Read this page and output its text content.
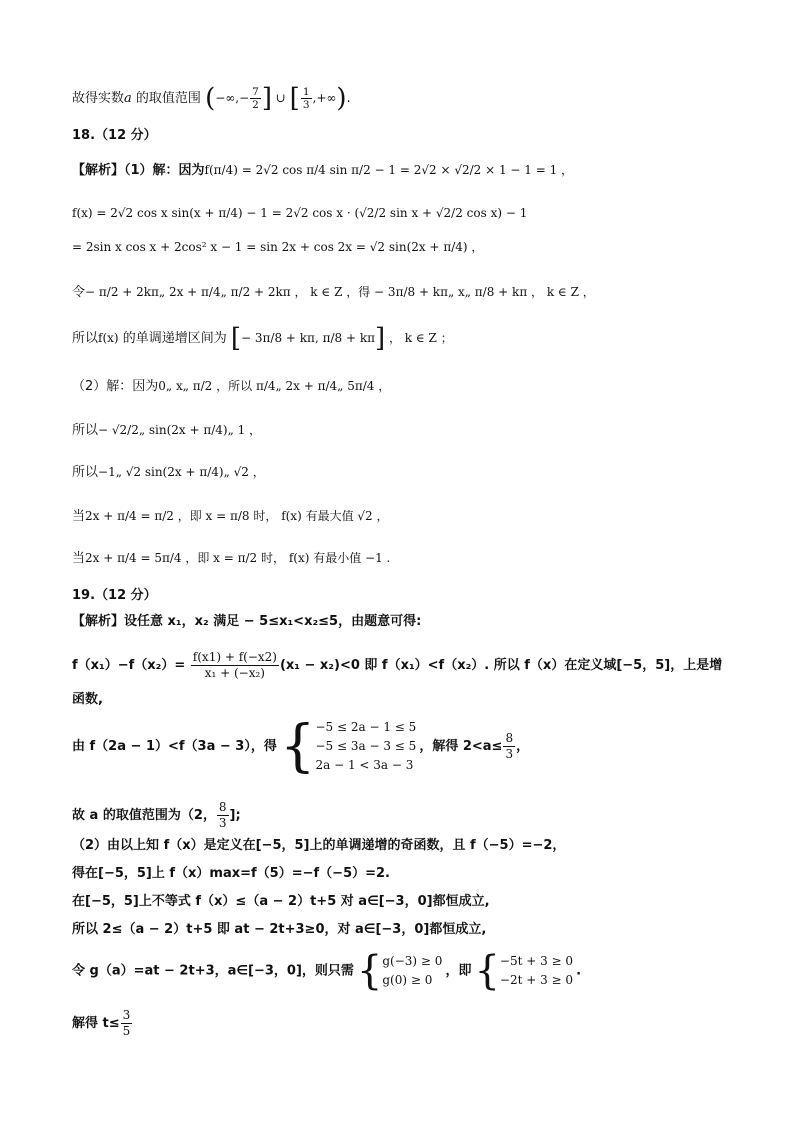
故得实数a 的取值范围 (−∞,− $\frac{7}{2}$ ] ∪ [ $\frac{1}{3}$ ,+∞).
18.（12 分）
【解析】（1）解：因为f(π/4) = 2√2 cos π/4 sin π/2 − 1 = 2√2 × √2/2 × 1 − 1 = 1 ，
f(x) = 2√2 cos x sin(x + π/4) − 1 = 2√2 cos x · (√2/2 sin x + √2/2 cos x) − 1
= 2sin x cos x + 2cos² x − 1 = sin 2x + cos 2x = √2 sin(2x + π/4) ，
令− π/2 + 2kπ„ 2x + π/4„ π/2 + 2kπ ， k ∈ Z ，得 − 3π/8 + kπ„ x„ π/8 + kπ ， k ∈ Z ，
所以f(x) 的单调递增区间为 [− 3π/8 + kπ, π/8 + kπ] ， k ∈ Z ；
（2）解：因为0„ x„ π/2 ，所以 π/4„ 2x + π/4„ 5π/4 ，
所以− √2/2„ sin(2x + π/4)„ 1 ，
所以−1„ √2 sin(2x + π/4)„ √2 ，
当2x + π/4 = π/2 ，即 x = π/8 时， f(x) 有最大值 √2 ，
当2x + π/4 = 5π/4 ，即 x = π/2 时， f(x) 有最小值 −1 .
19.（12 分）
【解析】设任意 x₁，x₂ 满足 − 5≤x₁<x₂≤5，由题意可得:
$f(x_1)-f(x_2)= \frac{f(x1) + f(-x2)}{\text{x₁ + (−x₂)}} (x_1 - x_2)<0$ 即 f（x₁）<f（x₂）. 所以 f（x）在定义域[−5，5]，上是增
函数,
由 f（2a − 1）<f（3a − 3），得 { −5 ≤ 2a − 1 ≤ 5
−5 ≤ 3a − 3 ≤ 5
2a − 1 < 3a − 3
，解得 $2<a\le \frac{8}{3}$ ，
故 a 的取值范围为（2， $\frac{8}{3}$ ];
（2）由以上知 f（x）是定义在[−5，5]上的单调递增的奇函数，且 f（−5）=−2，
得在[−5，5]上 f（x）max=f（5）=−f（−5）=2.
在[−5，5]上不等式 f（x）≤（a − 2）t+5 对 a∈[−3，0]都恒成立,
所以 2≤（a − 2）t+5 即 at − 2t+3≥0，对 a∈[−3，0]都恒成立,
令 g（a）=at − 2t+3，a∈[−3，0]，则只需 { g(−3) ≥ 0
g(0) ≥ 0
，即 { −5t + 3 ≥ 0
−2t + 3 ≥ 0
.
解得 $t\le \frac{3}{5}$
